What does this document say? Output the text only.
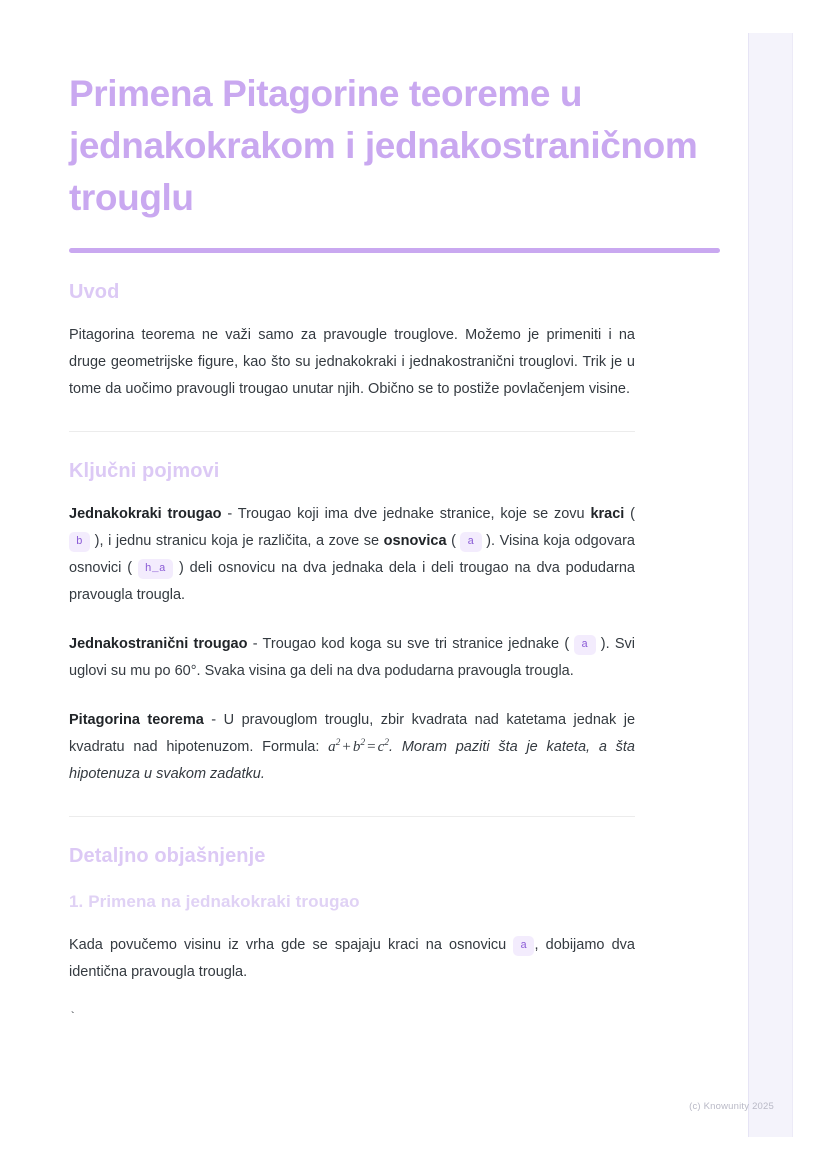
Primena Pitagorine teoreme u jednakokrakom i jednakostraničnom trouglu
Uvod

Pitagorina teorema ne važi samo za pravougle trouglove. Možemo je primeniti i na druge geometrijske figure, kao što su jednakokraki i jednakostranični trouglovi. Trik je u tome da uočimo pravougli trougao unutar njih. Obično se to postiže povlačenjem visine.

Ključni pojmovi

Jednakokraki trougao - Trougao koji ima dve jednake stranice, koje se zovu kraci ( b ), i jednu stranicu koja je različita, a zove se osnovica ( a ). Visina koja odgovara osnovici ( h_a ) deli osnovicu na dva jednaka dela i deli trougao na dva podudarna pravougla trougla.

Jednakostranični trougao - Trougao kod koga su sve tri stranice jednake ( a ). Svi uglovi su mu po 60°. Svaka visina ga deli na dva podudarna pravougla trougla.

Pitagorina teorema - U pravouglom trouglu, zbir kvadrata nad katetama jednak je kvadratu nad hipotenuzom. Formula: $a^2 + b^2 = c^2$. Moram paziti šta je kateta, a šta hipotenuza u svakom zadatku.

Detaljno objašnjenje
1. Primena na jednakokraki trougao

Kada povučemo visinu iz vrha gde se spajaju kraci na osnovicu a , dobijamo dva identična pravougla trougla.

`
(c) Knowunity 2025
